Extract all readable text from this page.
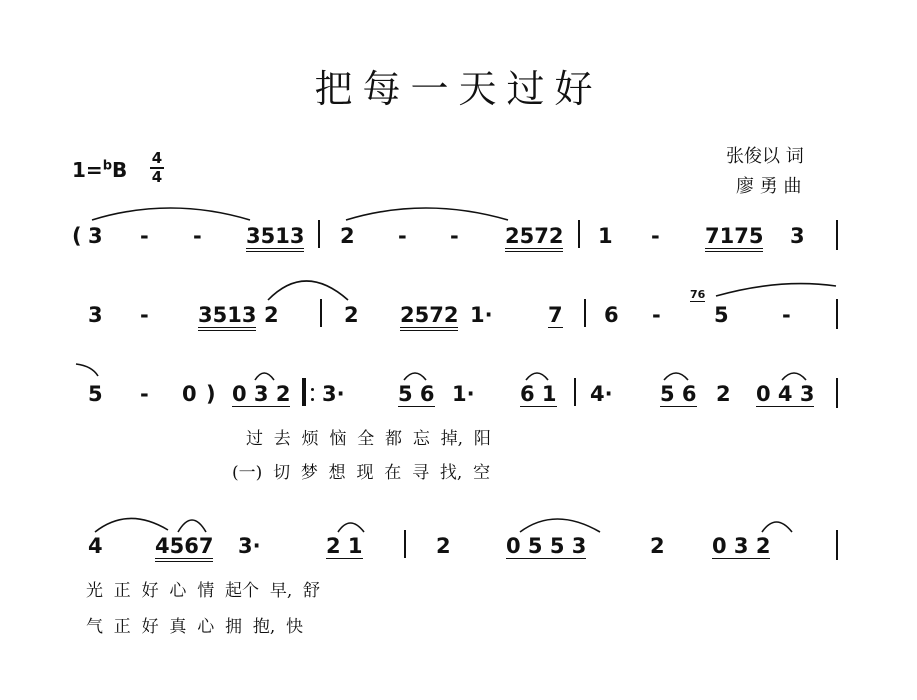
把每一天过好
张俊以 词
廖 勇 曲
1=$^b$B 4
4
( 3 - - 3513 2 - - 2572 1 - 7175 3
3 - 3513 2	2 2572 1·	7 6 -
76
5	-
5 - 0 ) 0 3 2 3·	5 6 1· 6 1 4· 5 6 2 0 4 3
过  去  烦  恼  全  都  忘  掉,  阳
(一)  切  梦  想  现  在  寻  找,  空
4 4567 3·	2 1	2	0 5 5 3	2 0 3 2
光  正  好  心  情  起个  早,  舒
气  正  好  真  心  拥  抱,  快
